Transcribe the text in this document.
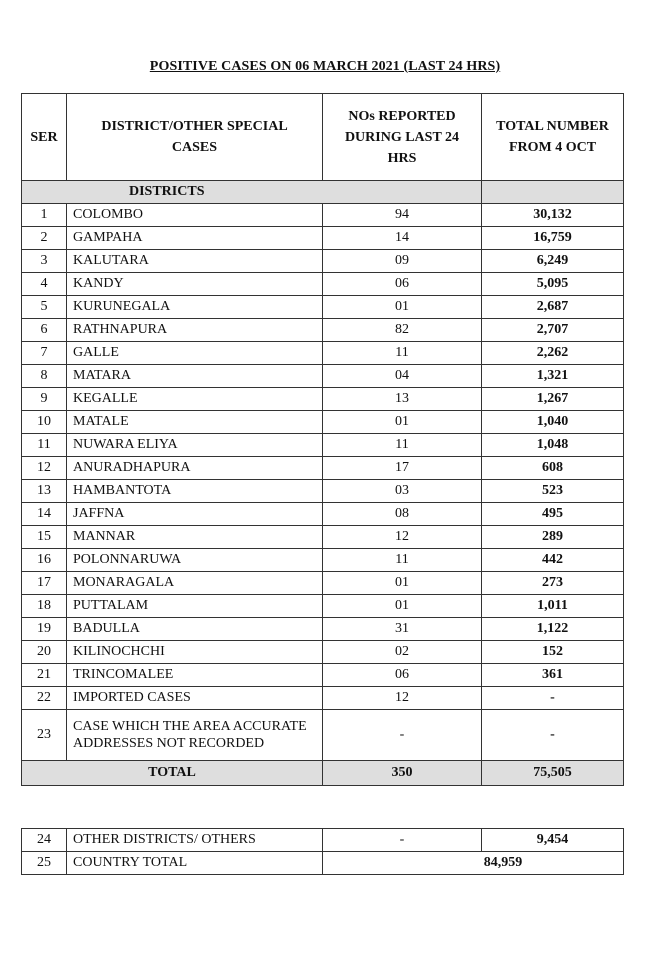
POSITIVE CASES ON 06 MARCH 2021 (LAST 24 HRS)
SER	DISTRICT/OTHER SPECIAL CASES	NOs REPORTED DURING LAST 24 HRS	TOTAL NUMBER FROM 4 OCT
DISTRICTS			
1	COLOMBO	94	30,132
2	GAMPAHA	14	16,759
3	KALUTARA	09	6,249
4	KANDY	06	5,095
5	KURUNEGALA	01	2,687
6	RATHNAPURA	82	2,707
7	GALLE	11	2,262
8	MATARA	04	1,321
9	KEGALLE	13	1,267
10	MATALE	01	1,040
11	NUWARA ELIYA	11	1,048
12	ANURADHAPURA	17	608
13	HAMBANTOTA	03	523
14	JAFFNA	08	495
15	MANNAR	12	289
16	POLONNARUWA	11	442
17	MONARAGALA	01	273
18	PUTTALAM	01	1,011
19	BADULLA	31	1,122
20	KILINOCHCHI	02	152
21	TRINCOMALEE	06	361
22	IMPORTED CASES	12	-
23	CASE WHICH THE AREA ACCURATE ADDRESSES NOT RECORDED	-	-
TOTAL		350	75,505
24	OTHER DISTRICTS/ OTHERS	-	9,454
25	COUNTRY TOTAL	84,959	
